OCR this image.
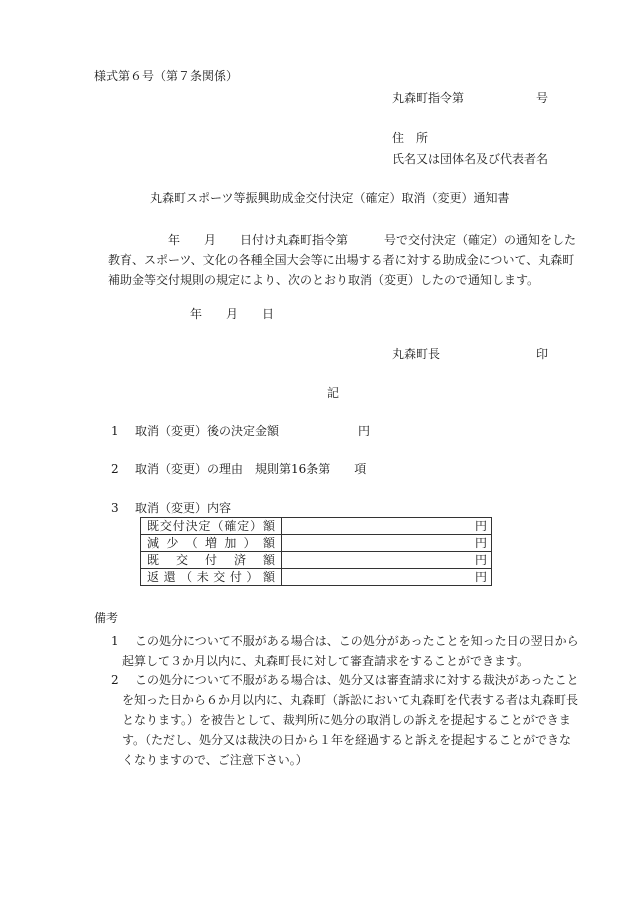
様式第６号（第７条関係）
丸森町指令第	号
住　所
氏名又は団体名及び代表者名
丸森町スポーツ等振興助成金交付決定（確定）取消（変更）通知書
年　　月　　日付け丸森町指令第　　　号で交付決定（確定）の通知をした
教育、スポーツ、文化の各種全国大会等に出場する者に対する助成金について、丸森町
補助金等交付規則の規定により、次のとおり取消（変更）したので通知します。
年　　月　　日
丸森町長	印
記
1 取消（変更）後の決定金額	円
2 取消（変更）の理由　規則第16条第　　項
3 取消（変更）内容
既交付決定（確定）額	円
減少（増加）額	円
既交付済額	円
返還（未交付）額	円
備考
1	この処分について不服がある場合は、この処分があったことを知った日の翌日から
起算して３か月以内に、丸森町長に対して審査請求をすることができます。
2	この処分について不服がある場合は、処分又は審査請求に対する裁決があったこと
を知った日から６か月以内に、丸森町（訴訟において丸森町を代表する者は丸森町長
となります。）を被告として、裁判所に処分の取消しの訴えを提起することができま
す。（ただし、処分又は裁決の日から１年を経過すると訴えを提起することができな
くなりますので、ご注意下さい。）
